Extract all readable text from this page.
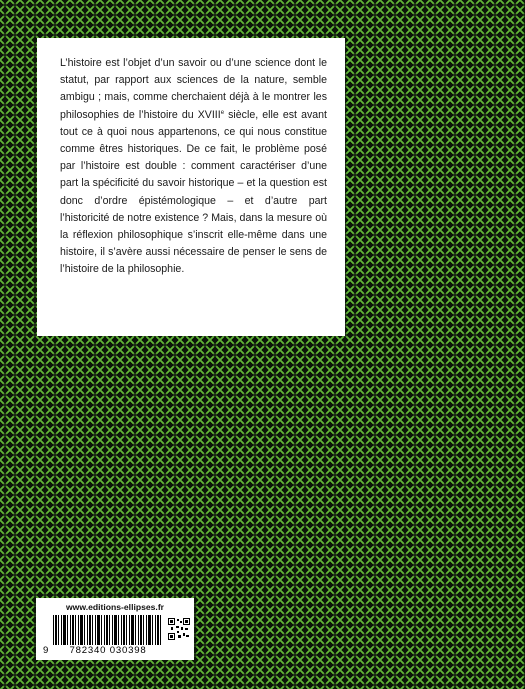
L’histoire est l’objet d’un savoir ou d’une science dont le statut, par rapport aux sciences de la nature, semble ambigu ; mais, comme cherchaient déjà à le montrer les philosophies de l’histoire du XVIIIe siècle, elle est avant tout ce à quoi nous appartenons, ce qui nous constitue comme êtres historiques. De ce fait, le problème posé par l’histoire est double : comment caractériser d’une part la spécificité du savoir historique – et la question est donc d’ordre épistémologique – et d’autre part l’historicité de notre existence ? Mais, dans la mesure où la réflexion philosophique s’inscrit elle-même dans une histoire, il s’avère aussi nécessaire de penser le sens de l’histoire de la philosophie.

www.editions-ellipses.fr
9	782340 030398
